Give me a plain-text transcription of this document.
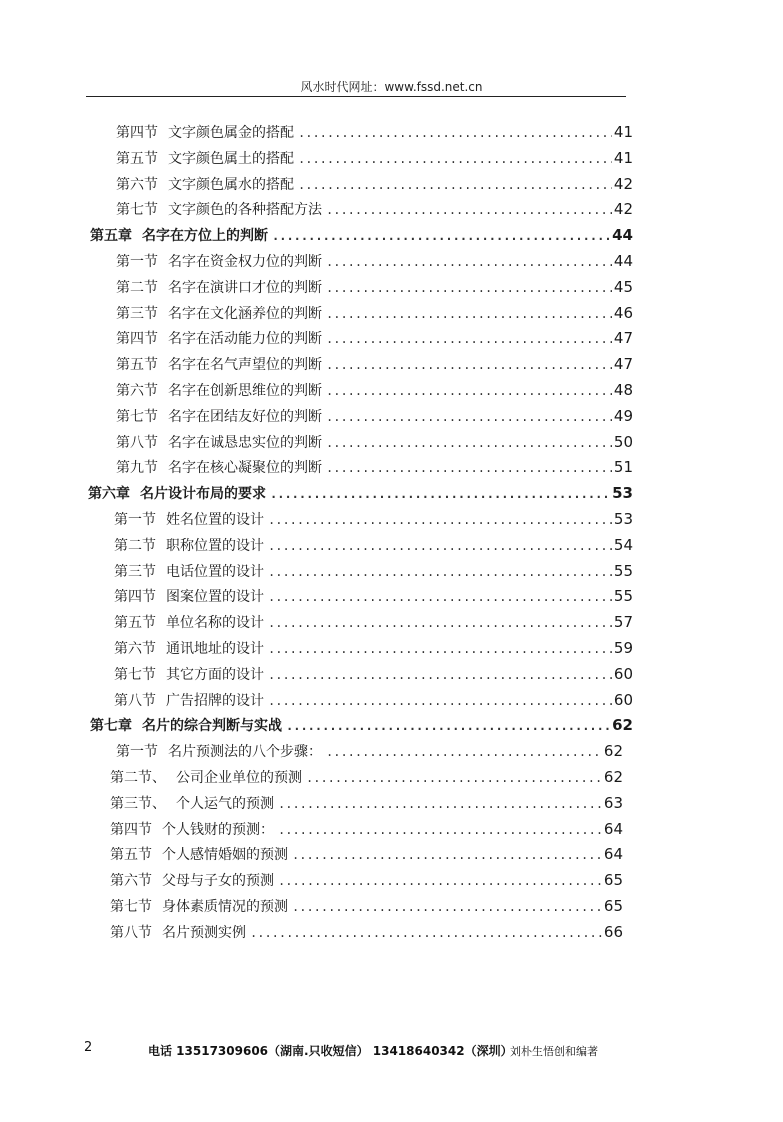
风水时代网址：www.fssd.net.cn
第四节 文字颜色属金的搭配 .....	41
第五节 文字颜色属土的搭配 .....	41
第六节 文字颜色属水的搭配 .....	42
第七节 文字颜色的各种搭配方法 .....	42
第五章 名字在方位上的判断 .....	44
第一节 名字在资金权力位的判断 .....	44
第二节 名字在演讲口才位的判断 .....	45
第三节 名字在文化涵养位的判断 .....	46
第四节 名字在活动能力位的判断 .....	47
第五节 名字在名气声望位的判断 .....	47
第六节 名字在创新思维位的判断 .....	48
第七节 名字在团结友好位的判断 .....	49
第八节 名字在诚恳忠实位的判断 .....	50
第九节 名字在核心凝聚位的判断 .....	51
第六章 名片设计布局的要求 .....	53
第一节 姓名位置的设计 .....	53
第二节 职称位置的设计 .....	54
第三节 电话位置的设计 .....	55
第四节 图案位置的设计 .....	55
第五节 单位名称的设计 .....	57
第六节 通讯地址的设计 .....	59
第七节 其它方面的设计 .....	60
第八节 广告招牌的设计 .....	60
第七章 名片的综合判断与实战 .....	62
第一节 名片预测法的八个步骤： .....	62
第二节、 公司企业单位的预测 .....	62
第三节、 个人运气的预测 .....	63
第四节 个人钱财的预测： .....	64
第五节 个人感情婚姻的预测 .....	64
第六节 父母与子女的预测 .....	65
第七节 身体素质情况的预测 .....	65
第八节 名片预测实例 .....	66
2	电话 13517309606（湖南.只收短信） 13418640342（深圳）
刘朴生悟创和编著
